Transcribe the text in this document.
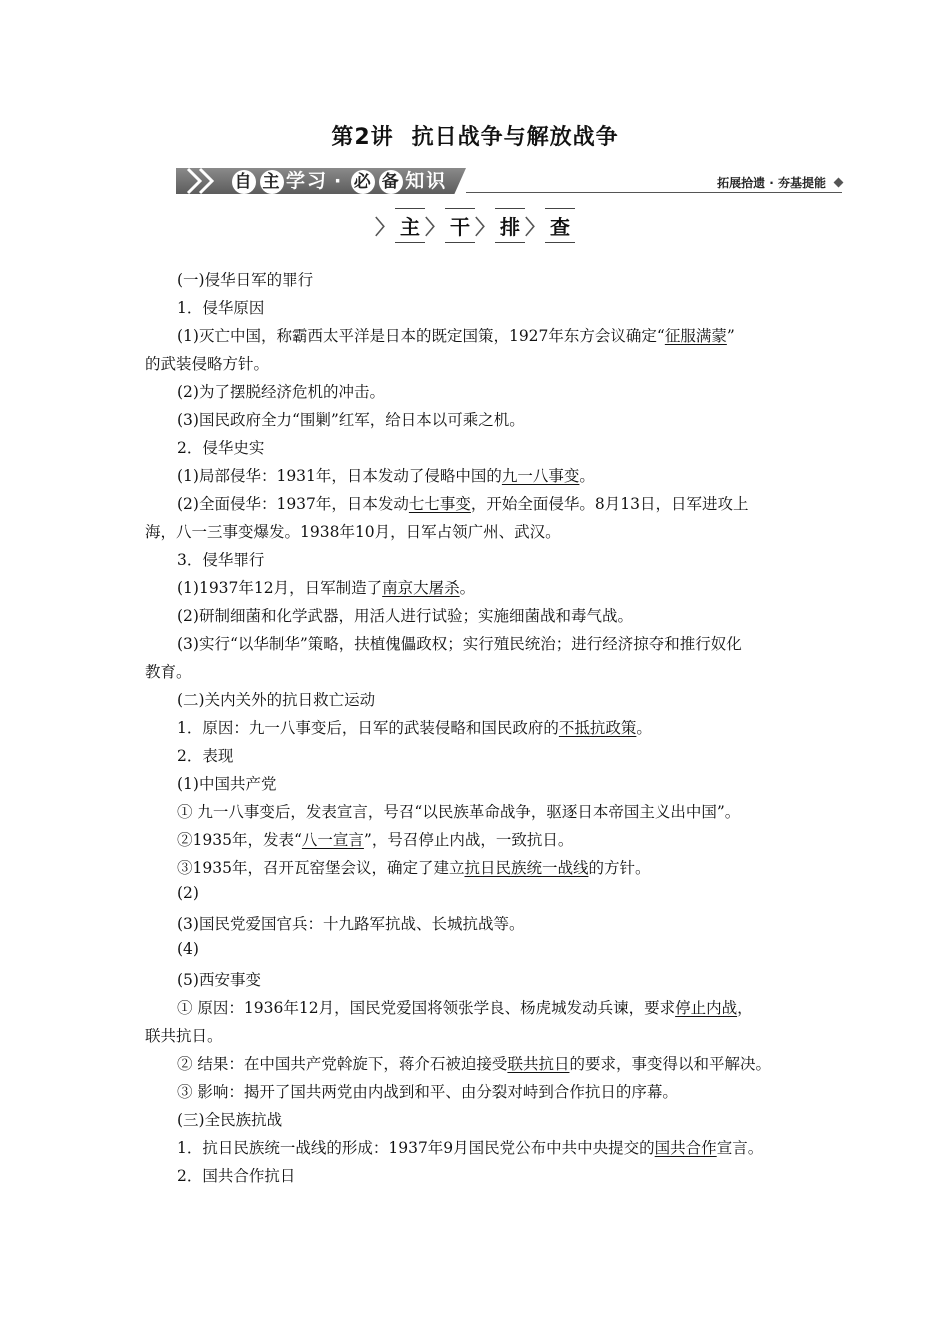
第2讲 抗日战争与解放战争
自 主 学习 · 必 备 知识	拓展拾遗 · 夯基提能
〉 主 〉 干 〉 排 〉 查
(一)侵华日军的罪行
1．侵华原因
(1)灭亡中国，称霸西太平洋是日本的既定国策，1927年东方会议确定“征服满蒙”
的武装侵略方针。
(2)为了摆脱经济危机的冲击。
(3)国民政府全力“围剿”红军，给日本以可乘之机。
2．侵华史实
(1)局部侵华：1931年，日本发动了侵略中国的九一八事变。
(2)全面侵华：1937年，日本发动七七事变，开始全面侵华。8月13日，日军进攻上
海，八一三事变爆发。1938年10月，日军占领广州、武汉。
3．侵华罪行
(1)1937年12月，日军制造了南京大屠杀。
(2)研制细菌和化学武器，用活人进行试验；实施细菌战和毒气战。
(3)实行“以华制华”策略，扶植傀儡政权；实行殖民统治；进行经济掠夺和推行奴化
教育。
(二)关内关外的抗日救亡运动
1．原因：九一八事变后，日军的武装侵略和国民政府的不抵抗政策。
2．表现
(1)中国共产党
① 九一八事变后，发表宣言，号召“以民族革命战争，驱逐日本帝国主义出中国”。
②1935年，发表“八一宣言”，号召停止内战，一致抗日。
③1935年，召开瓦窑堡会议，确定了建立抗日民族统一战线的方针。
(2)
(3)国民党爱国官兵：十九路军抗战、长城抗战等。
(4)
(5)西安事变
① 原因：1936年12月，国民党爱国将领张学良、杨虎城发动兵谏，要求停止内战，
联共抗日。
② 结果：在中国共产党斡旋下，蒋介石被迫接受联共抗日的要求，事变得以和平解决。
③ 影响：揭开了国共两党由内战到和平、由分裂对峙到合作抗日的序幕。
(三)全民族抗战
1．抗日民族统一战线的形成：1937年9月国民党公布中共中央提交的国共合作宣言。
2．国共合作抗日
